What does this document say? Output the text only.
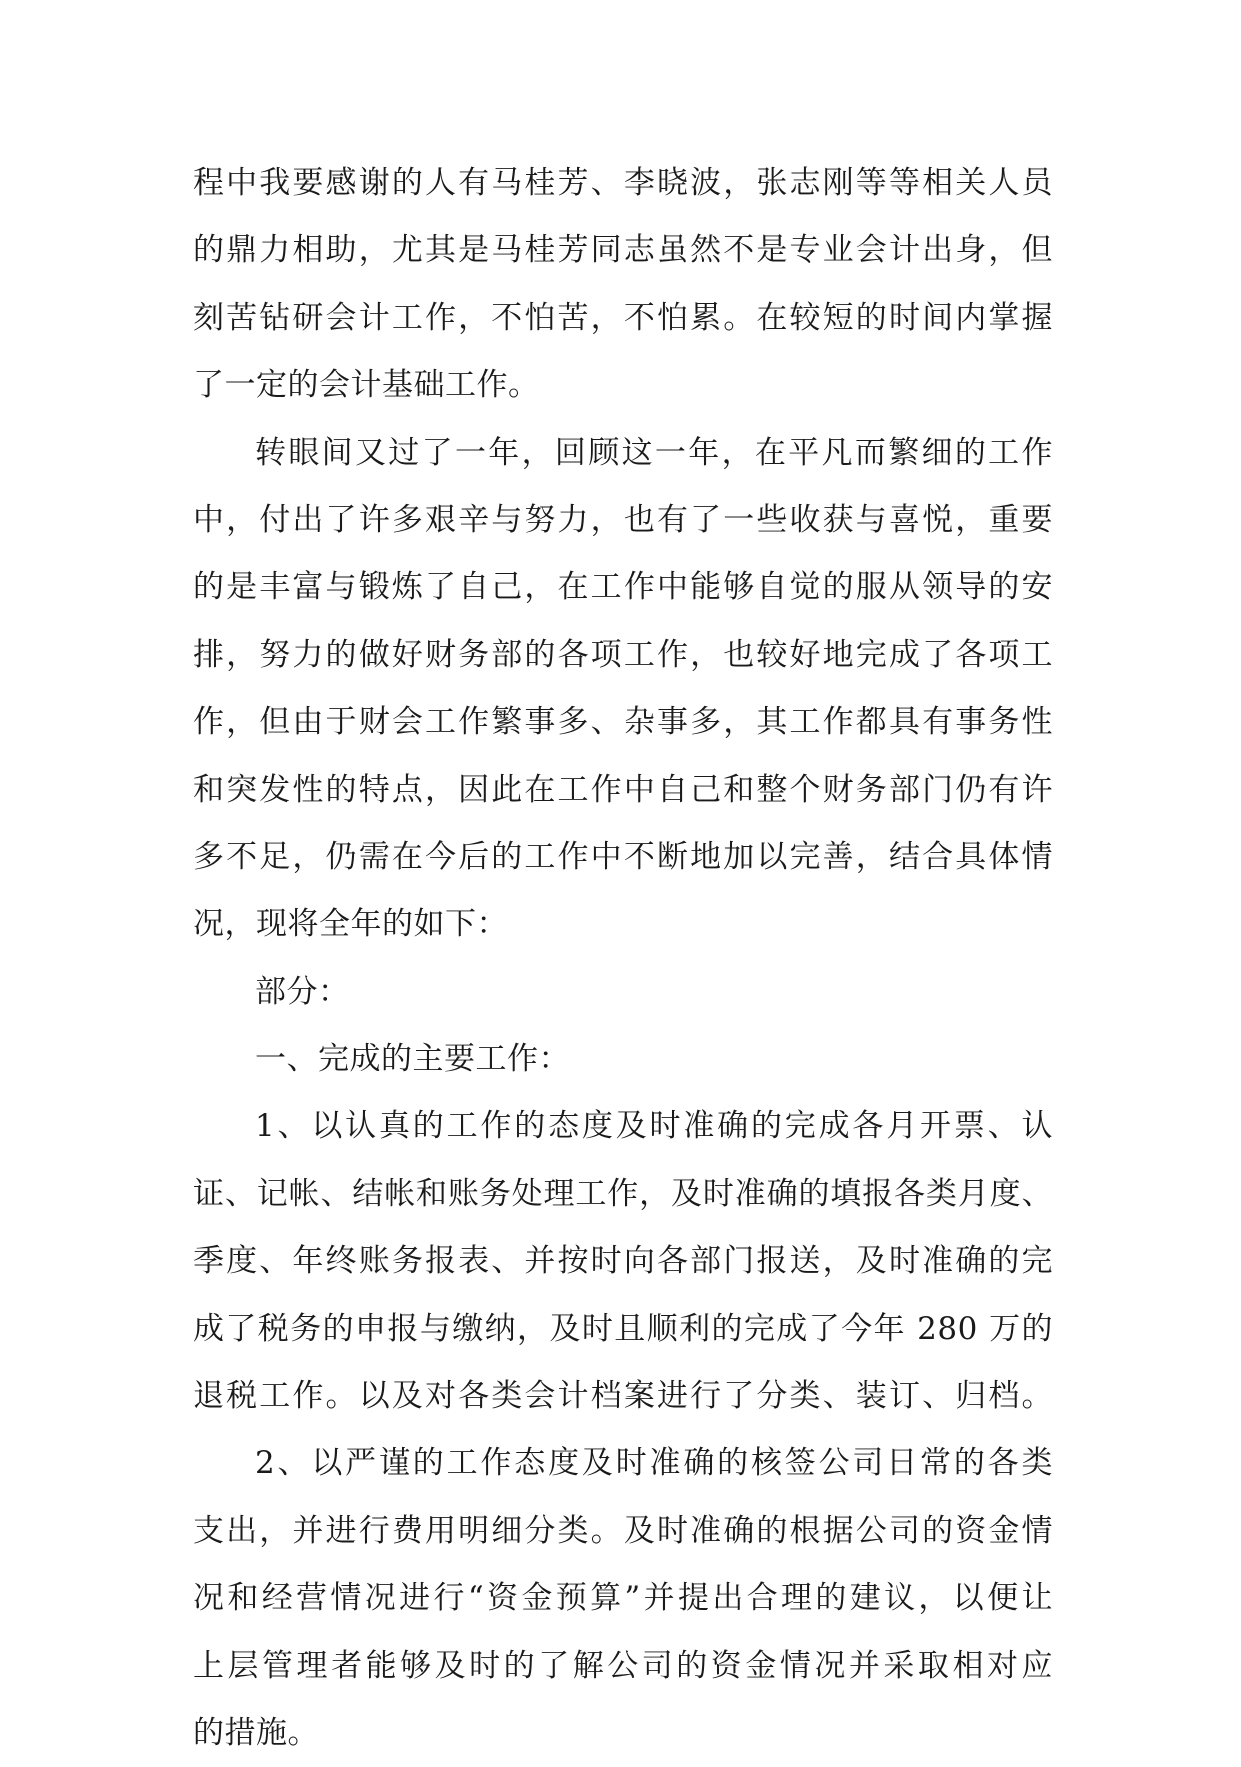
程中我要感谢的人有马桂芳、李晓波，张志刚等等相关人员
的鼎力相助，尤其是马桂芳同志虽然不是专业会计出身，但
刻苦钻研会计工作，不怕苦，不怕累。在较短的时间内掌握
了一定的会计基础工作。
转眼间又过了一年，回顾这一年，在平凡而繁细的工作
中，付出了许多艰辛与努力，也有了一些收获与喜悦，重要
的是丰富与锻炼了自己，在工作中能够自觉的服从领导的安
排，努力的做好财务部的各项工作，也较好地完成了各项工
作，但由于财会工作繁事多、杂事多，其工作都具有事务性
和突发性的特点，因此在工作中自己和整个财务部门仍有许
多不足，仍需在今后的工作中不断地加以完善，结合具体情
况，现将全年的如下：
部分：
一、完成的主要工作：
1、以认真的工作的态度及时准确的完成各月开票、认
证、记帐、结帐和账务处理工作，及时准确的填报各类月度、
季度、年终账务报表、并按时向各部门报送，及时准确的完
成了税务的申报与缴纳，及时且顺利的完成了今年 280 万的
退税工作。以及对各类会计档案进行了分类、装订、归档。
2、以严谨的工作态度及时准确的核签公司日常的各类
支出，并进行费用明细分类。及时准确的根据公司的资金情
况和经营情况进行“资金预算”并提出合理的建议，以便让
上层管理者能够及时的了解公司的资金情况并采取相对应
的措施。
